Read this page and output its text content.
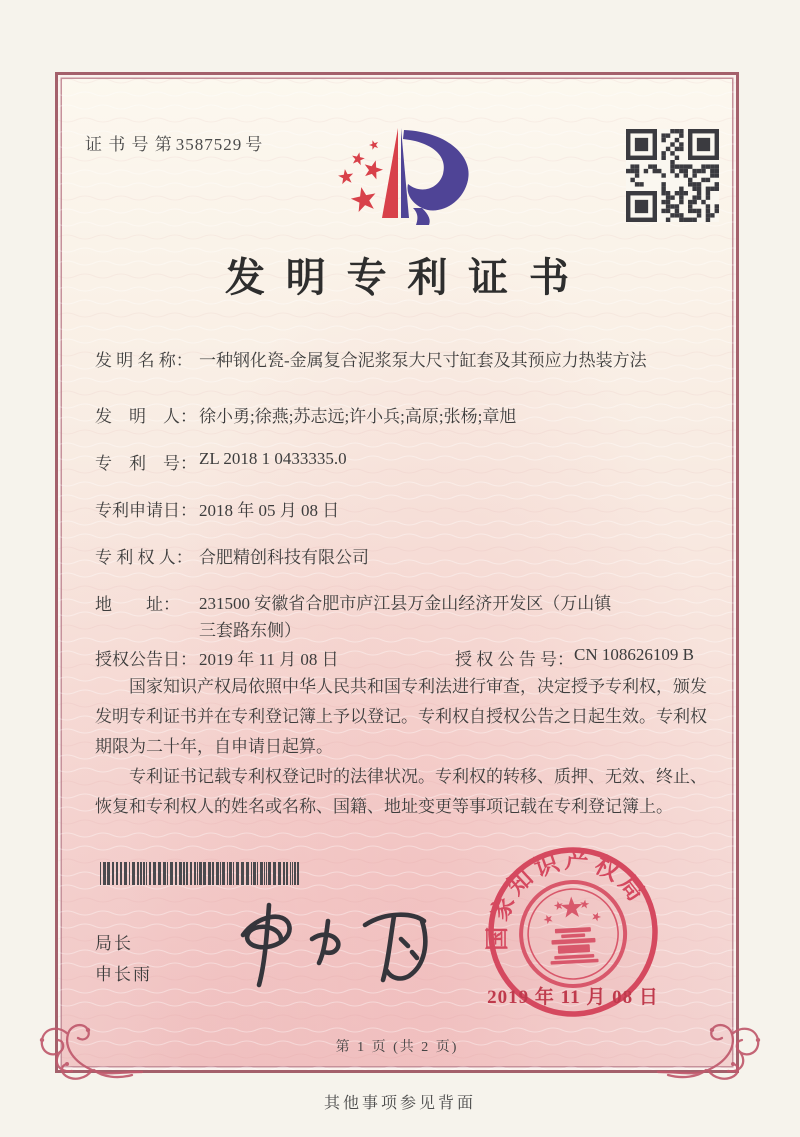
证 书 号 第 3587529 号
发明专利证书
发 明 名 称： 一种钢化瓷-金属复合泥浆泵大尺寸缸套及其预应力热装方法
发　明　人： 徐小勇;徐燕;苏志远;许小兵;高原;张杨;章旭
专　利　号： ZL 2018 1 0433335.0
专利申请日： 2018 年 05 月 08 日
专 利 权 人： 合肥精创科技有限公司
地　　址： 231500 安徽省合肥市庐江县万金山经济开发区（万山镇
三套路东侧）
授权公告日： 2019 年 11 月 08 日	授 权 公 告 号：CN 108626109 B

国家知识产权局依照中华人民共和国专利法进行审查，决定授予专利权，颁发发明专利证书并在专利登记簿上予以登记。专利权自授权公告之日起生效。专利权期限为二十年，自申请日起算。

专利证书记载专利权登记时的法律状况。专利权的转移、质押、无效、终止、恢复和专利权人的姓名或名称、国籍、地址变更等事项记载在专利登记簿上。

局长
申长雨
国家知识产权局
2019 年 11 月 08 日
第 1 页 (共 2 页)
其他事项参见背面
